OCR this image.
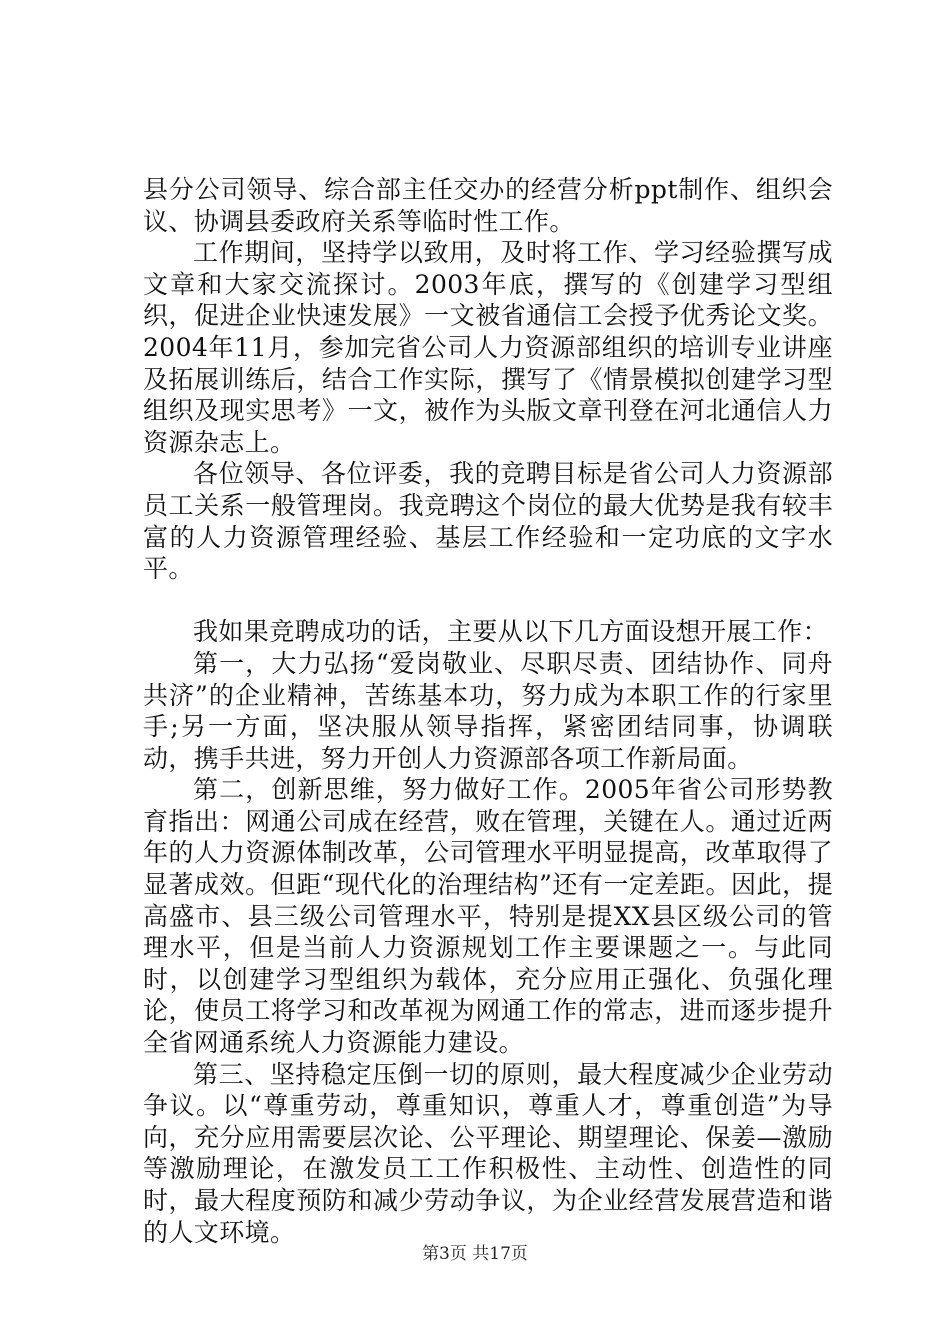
县分公司领导、综合部主任交办的经营分析ppt制作、组织会议、协调县委政府关系等临时性工作。

工作期间，坚持学以致用，及时将工作、学习经验撰写成文章和大家交流探讨。2003年底，撰写的《创建学习型组织，促进企业快速发展》一文被省通信工会授予优秀论文奖。2004年11月，参加完省公司人力资源部组织的培训专业讲座及拓展训练后，结合工作实际，撰写了《情景模拟创建学习型组织及现实思考》一文，被作为头版文章刊登在河北通信人力资源杂志上。

各位领导、各位评委，我的竞聘目标是省公司人力资源部员工关系一般管理岗。我竞聘这个岗位的最大优势是我有较丰富的人力资源管理经验、基层工作经验和一定功底的文字水平。

我如果竞聘成功的话，主要从以下几方面设想开展工作：

第一，大力弘扬“爱岗敬业、尽职尽责、团结协作、同舟共济”的企业精神，苦练基本功，努力成为本职工作的行家里手;另一方面，坚决服从领导指挥，紧密团结同事，协调联动，携手共进，努力开创人力资源部各项工作新局面。

第二，创新思维，努力做好工作。2005年省公司形势教育指出：网通公司成在经营，败在管理，关键在人。通过近两年的人力资源体制改革，公司管理水平明显提高，改革取得了显著成效。但距“现代化的治理结构”还有一定差距。因此，提高盛市、县三级公司管理水平，特别是提XX县区级公司的管理水平，但是当前人力资源规划工作主要课题之一。与此同时，以创建学习型组织为载体，充分应用正强化、负强化理论，使员工将学习和改革视为网通工作的常志，进而逐步提升全省网通系统人力资源能力建设。

第三、坚持稳定压倒一切的原则，最大程度减少企业劳动争议。以“尊重劳动，尊重知识，尊重人才，尊重创造”为导向，充分应用需要层次论、公平理论、期望理论、保姜—激励等激励理论，在激发员工工作积极性、主动性、创造性的同时，最大程度预防和减少劳动争议，为企业经营发展营造和谐的人文环境。

第3页 共17页
